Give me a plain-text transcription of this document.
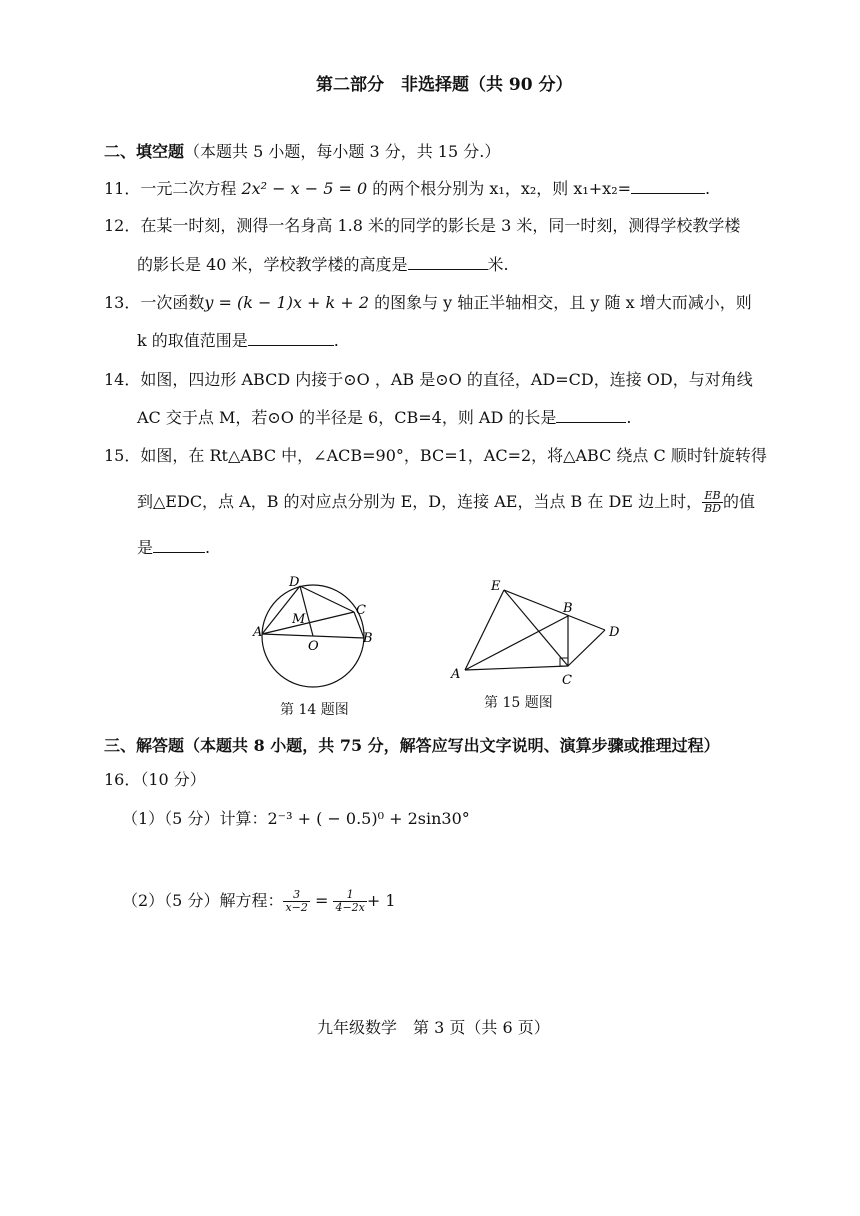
第二部分　非选择题（共 90 分）
二、填空题（本题共 5 小题，每小题 3 分，共 15 分.）
11．一元二次方程 2x² − x − 5 = 0 的两个根分别为 x₁，x₂，则 x₁+x₂=	.
12．在某一时刻，测得一名身高 1.8 米的同学的影长是 3 米，同一时刻，测得学校教学楼
的影长是 40 米，学校教学楼的高度是	米.
13．一次函数y = (k − 1)x + k + 2 的图象与 y 轴正半轴相交，且 y 随 x 增大而减小，则
k 的取值范围是	.
14．如图，四边形 ABCD 内接于⊙O ，AB 是⊙O 的直径，AD=CD，连接 OD，与对角线
AC 交于点 M，若⊙O 的半径是 6，CB=4，则 AD 的长是	.
15．如图，在 Rt△ABC 中，∠ACB=90°，BC=1，AC=2，将△ABC 绕点 C 顺时针旋转得
到△EDC，点 A，B 的对应点分别为 E，D，连接 AE，当点 B 在 DE 边上时， $\frac{EB}{BD}$ 的值
是	.
D
C
A	B
M
O
第 14 题图
E
B
D
A	C
第 15 题图
三、解答题（本题共 8 小题，共 75 分，解答应写出文字说明、演算步骤或推理过程）
16．（10 分）
（1）（5 分）计算：2⁻³ + ( − 0.5)⁰ + 2sin30°
（2）（5 分）解方程： $\frac{3}{x-2} = \frac{1}{4-2x} + 1$
九年级数学　第 3 页（共 6 页）
